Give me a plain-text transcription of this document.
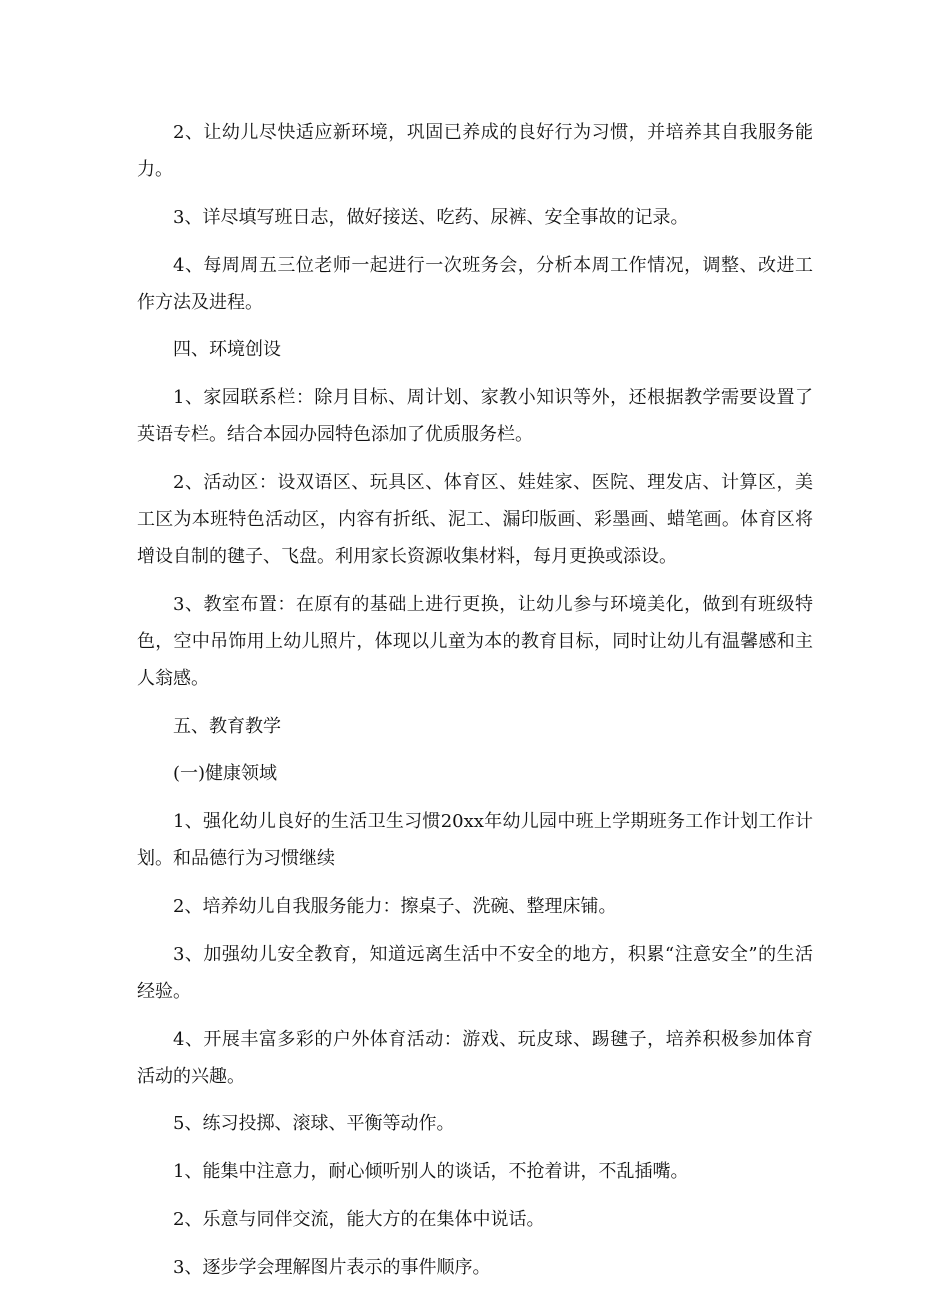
2、让幼儿尽快适应新环境，巩固已养成的良好行为习惯，并培养其自我服务能力。

3、详尽填写班日志，做好接送、吃药、尿裤、安全事故的记录。

4、每周周五三位老师一起进行一次班务会，分析本周工作情况，调整、改进工作方法及进程。

四、环境创设

1、家园联系栏：除月目标、周计划、家教小知识等外，还根据教学需要设置了英语专栏。结合本园办园特色添加了优质服务栏。

2、活动区：设双语区、玩具区、体育区、娃娃家、医院、理发店、计算区，美工区为本班特色活动区，内容有折纸、泥工、漏印版画、彩墨画、蜡笔画。体育区将增设自制的毽子、飞盘。利用家长资源收集材料，每月更换或添设。

3、教室布置：在原有的基础上进行更换，让幼儿参与环境美化，做到有班级特色，空中吊饰用上幼儿照片，体现以儿童为本的教育目标，同时让幼儿有温馨感和主人翁感。

五、教育教学

(一)健康领域

1、强化幼儿良好的生活卫生习惯20xx年幼儿园中班上学期班务工作计划工作计划。和品德行为习惯继续

2、培养幼儿自我服务能力：擦桌子、洗碗、整理床铺。

3、加强幼儿安全教育，知道远离生活中不安全的地方，积累“注意安全”的生活经验。

4、开展丰富多彩的户外体育活动：游戏、玩皮球、踢毽子，培养积极参加体育活动的兴趣。

5、练习投掷、滚球、平衡等动作。

1、能集中注意力，耐心倾听别人的谈话，不抢着讲，不乱插嘴。

2、乐意与同伴交流，能大方的在集体中说话。

3、逐步学会理解图片表示的事件顺序。
